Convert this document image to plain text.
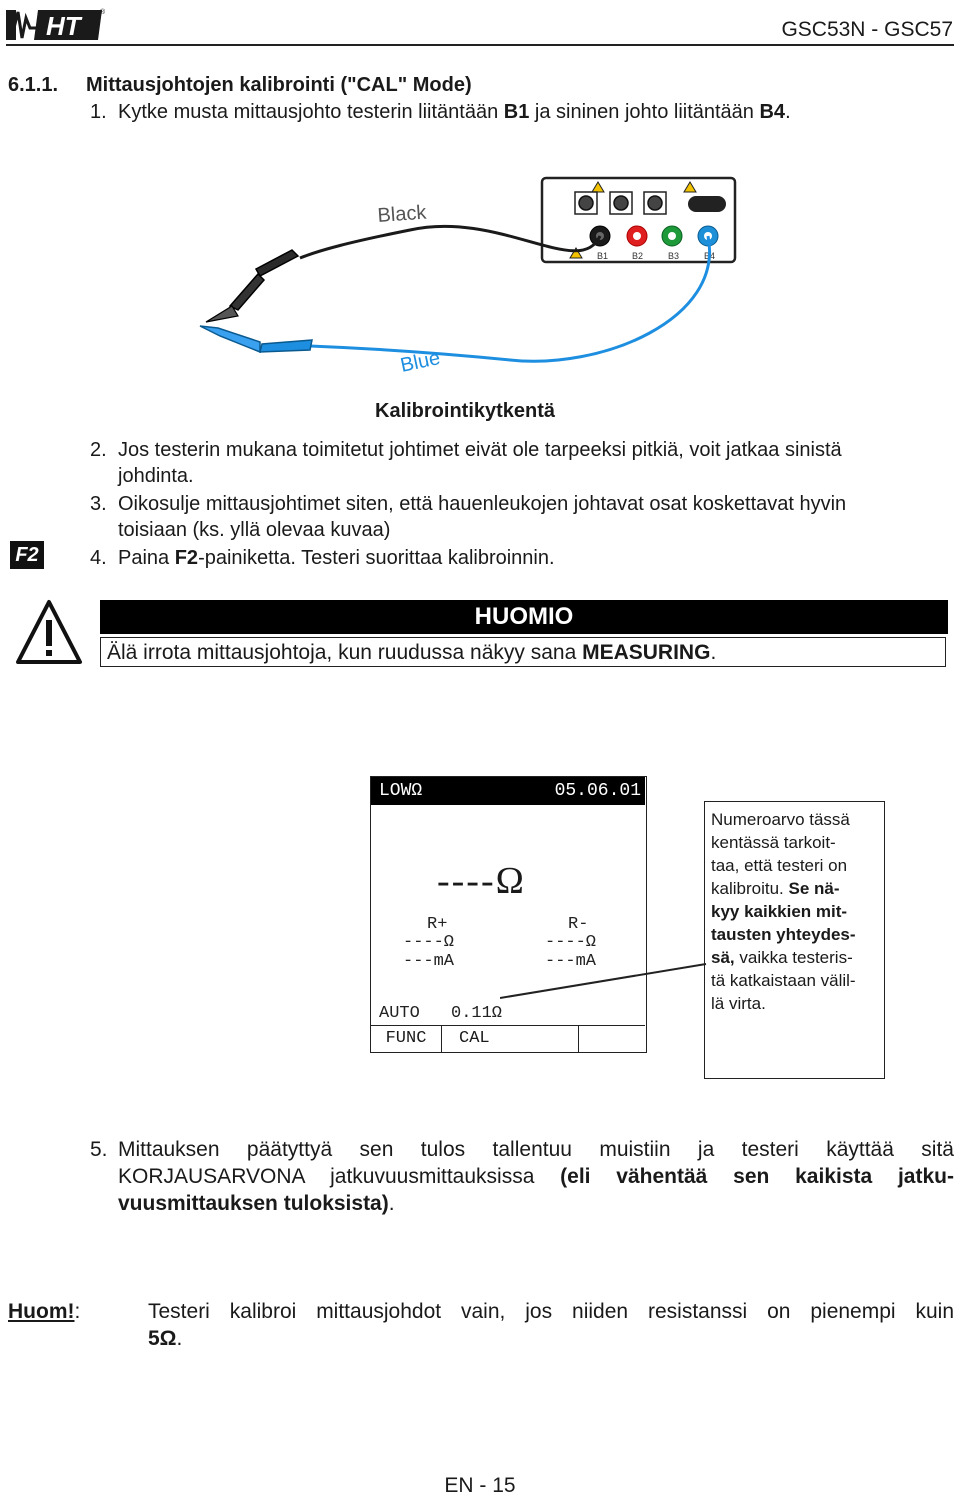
HT	®
GSC53N - GSC57
6.1.1. Mittausjohtojen kalibrointi ("CAL" Mode)
1. Kytke musta mittausjohto testerin liitäntään B1 ja sininen johto liitäntään B4.
B1	B2	B3	B4
Black
Blue
Kalibrointikytkentä
2. Jos testerin mukana toimitetut johtimet eivät ole tarpeeksi pitkiä, voit jatkaa sinistä
johdinta.
3. Oikosulje mittausjohtimet siten, että hauenleukojen johtavat osat koskettavat hyvin
toisiaan (ks. yllä olevaa kuvaa)
F2	4. Paina F2-painiketta. Testeri suorittaa kalibroinnin.
HUOMIO
Älä irrota mittausjohtoja, kun ruudussa näkyy sana MEASURING.
LOWΩ	05.06.01
----Ω
R+
----Ω
---mA
R-
----Ω
---mA
AUTO 0.11Ω
FUNC	CAL
Numeroarvo tässä
kentässä tarkoit-
taa, että testeri on
kalibroitu. Se nä-
kyy kaikkien mit-
tausten yhteydes-
sä, vaikka testeris-
tä katkaistaan välil-
lä virta.
5. Mittauksen päätyttyä sen tulos tallentuu muistiin ja testeri käyttää sitä
KORJAUSARVONA jatkuvuusmittauksissa (eli vähentää sen kaikista jatku-
vuusmittauksen tuloksista).
Huom!:	Testeri kalibroi mittausjohdot vain, jos niiden resistanssi on pienempi kuin
5Ω.
EN - 15
